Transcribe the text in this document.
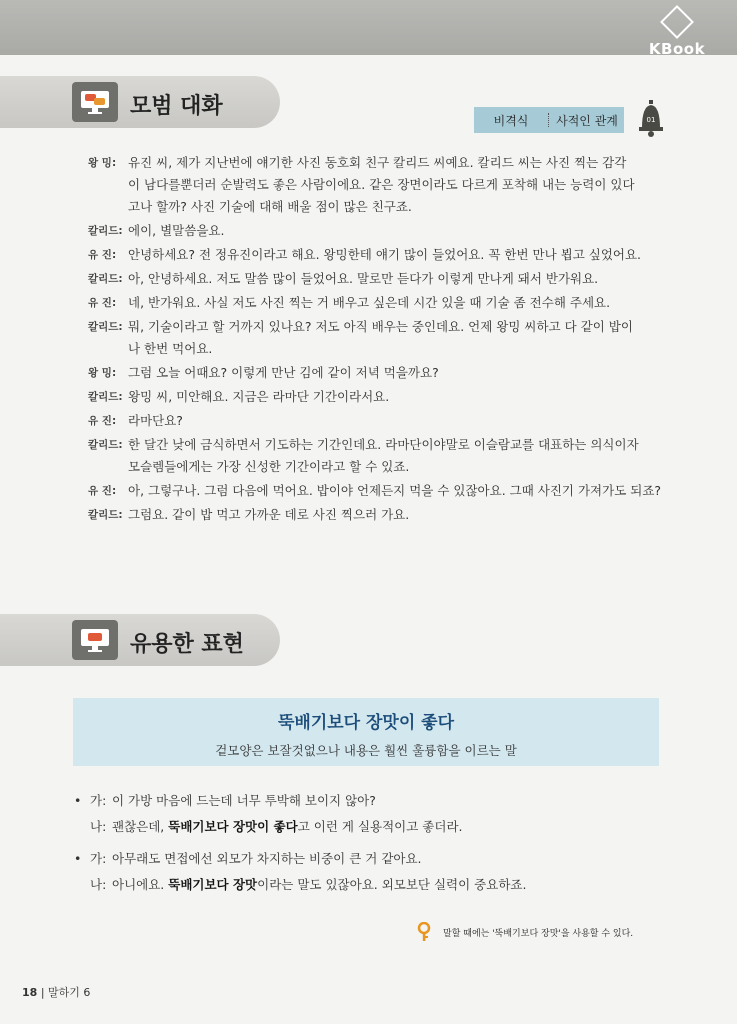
KBook
모범 대화
비격식	사적인 관계	01
왕 밍: 유진 씨, 제가 지난번에 얘기한 사진 동호회 친구 칼리드 씨예요. 칼리드 씨는 사진 찍는 감각
이 남다를뿐더러 순발력도 좋은 사람이에요. 같은 장면이라도 다르게 포착해 내는 능력이 있다
고나 할까? 사진 기술에 대해 배울 점이 많은 친구죠.
칼리드: 에이, 별말씀을요.
유 진: 안녕하세요? 전 정유진이라고 해요. 왕밍한테 얘기 많이 들었어요. 꼭 한번 만나 뵙고 싶었어요.
칼리드: 아, 안녕하세요. 저도 말씀 많이 들었어요. 말로만 듣다가 이렇게 만나게 돼서 반가워요.
유 진: 네, 반가워요. 사실 저도 사진 찍는 거 배우고 싶은데 시간 있을 때 기술 좀 전수해 주세요.
칼리드: 뭐, 기술이라고 할 거까지 있나요? 저도 아직 배우는 중인데요. 언제 왕밍 씨하고 다 같이 밥이
나 한번 먹어요.
왕 밍: 그럼 오늘 어때요? 이렇게 만난 김에 같이 저녁 먹을까요?
칼리드: 왕밍 씨, 미안해요. 지금은 라마단 기간이라서요.
유 진: 라마단요?
칼리드: 한 달간 낮에 금식하면서 기도하는 기간인데요. 라마단이야말로 이슬람교를 대표하는 의식이자
모슬렘들에게는 가장 신성한 기간이라고 할 수 있죠.
유 진: 아, 그렇구나. 그럼 다음에 먹어요. 밥이야 언제든지 먹을 수 있잖아요. 그때 사진기 가져가도 되죠?
칼리드: 그럼요. 같이 밥 먹고 가까운 데로 사진 찍으러 가요.
유용한 표현
뚝배기보다 장맛이 좋다
겉모양은 보잘것없으나 내용은 훨씬 훌륭함을 이르는 말
• 가: 이 가방 마음에 드는데 너무 투박해 보이지 않아?
나: 괜찮은데, 뚝배기보다 장맛이 좋다고 이런 게 실용적이고 좋더라.
• 가: 아무래도 면접에선 외모가 차지하는 비중이 큰 거 같아요.
나: 아니에요. 뚝배기보다 장맛이라는 말도 있잖아요. 외모보단 실력이 중요하죠.
말할 때에는 '뚝배기보다 장맛'을 사용할 수 있다.
18 | 말하기 6
